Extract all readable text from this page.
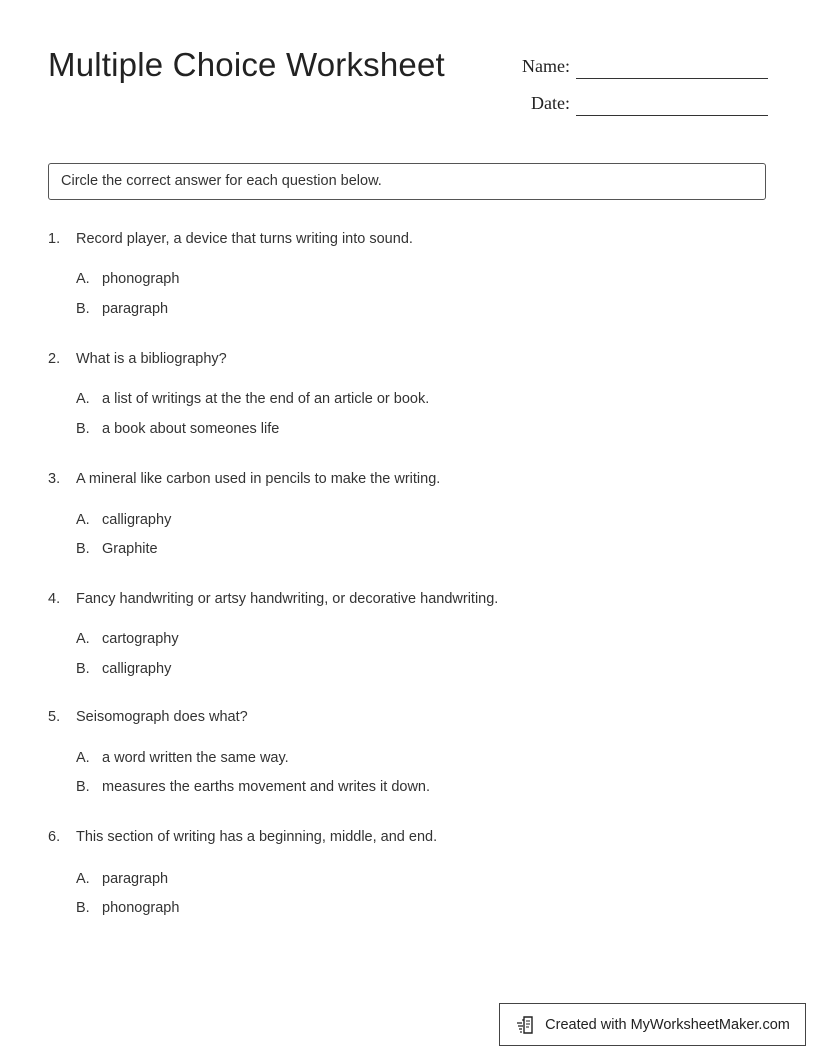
Multiple Choice Worksheet	Name:
Date:
Circle the correct answer for each question below.
1. Record player, a device that turns writing into sound.
A. phonograph
B. paragraph
2. What is a bibliography?
A. a list of writings at the the end of an article or book.
B. a book about someones life
3. A mineral like carbon used in pencils to make the writing.
A. calligraphy
B. Graphite
4. Fancy handwriting or artsy handwriting, or decorative handwriting.
A. cartography
B. calligraphy
5. Seisomograph does what?
A. a word written the same way.
B. measures the earths movement and writes it down.
6. This section of writing has a beginning, middle, and end.
A. paragraph
B. phonograph
Created with MyWorksheetMaker.com
